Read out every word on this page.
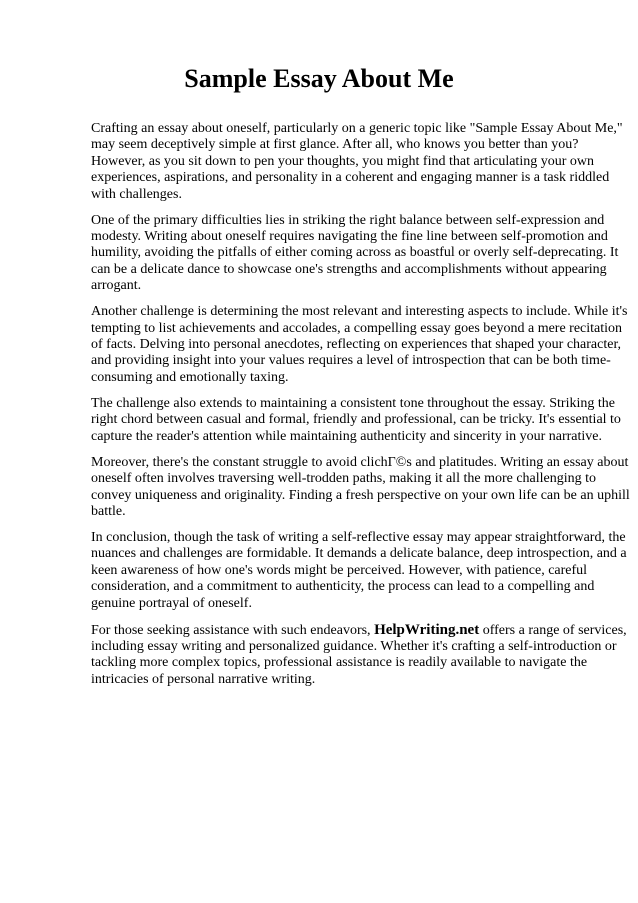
Sample Essay About Me

Crafting an essay about oneself, particularly on a generic topic like "Sample Essay About Me,"
may seem deceptively simple at first glance. After all, who knows you better than you?
However, as you sit down to pen your thoughts, you might find that articulating your own
experiences, aspirations, and personality in a coherent and engaging manner is a task riddled
with challenges.

One of the primary difficulties lies in striking the right balance between self-expression and
modesty. Writing about oneself requires navigating the fine line between self-promotion and
humility, avoiding the pitfalls of either coming across as boastful or overly self-deprecating. It
can be a delicate dance to showcase one's strengths and accomplishments without appearing
arrogant.

Another challenge is determining the most relevant and interesting aspects to include. While it's
tempting to list achievements and accolades, a compelling essay goes beyond a mere recitation
of facts. Delving into personal anecdotes, reflecting on experiences that shaped your character,
and providing insight into your values requires a level of introspection that can be both time-
consuming and emotionally taxing.

The challenge also extends to maintaining a consistent tone throughout the essay. Striking the
right chord between casual and formal, friendly and professional, can be tricky. It's essential to
capture the reader's attention while maintaining authenticity and sincerity in your narrative.

Moreover, there's the constant struggle to avoid clichГ©s and platitudes. Writing an essay about
oneself often involves traversing well-trodden paths, making it all the more challenging to
convey uniqueness and originality. Finding a fresh perspective on your own life can be an uphill
battle.

In conclusion, though the task of writing a self-reflective essay may appear straightforward, the
nuances and challenges are formidable. It demands a delicate balance, deep introspection, and a
keen awareness of how one's words might be perceived. However, with patience, careful
consideration, and a commitment to authenticity, the process can lead to a compelling and
genuine portrayal of oneself.

For those seeking assistance with such endeavors, HelpWriting.net offers a range of services,
including essay writing and personalized guidance. Whether it's crafting a self-introduction or
tackling more complex topics, professional assistance is readily available to navigate the
intricacies of personal narrative writing.
